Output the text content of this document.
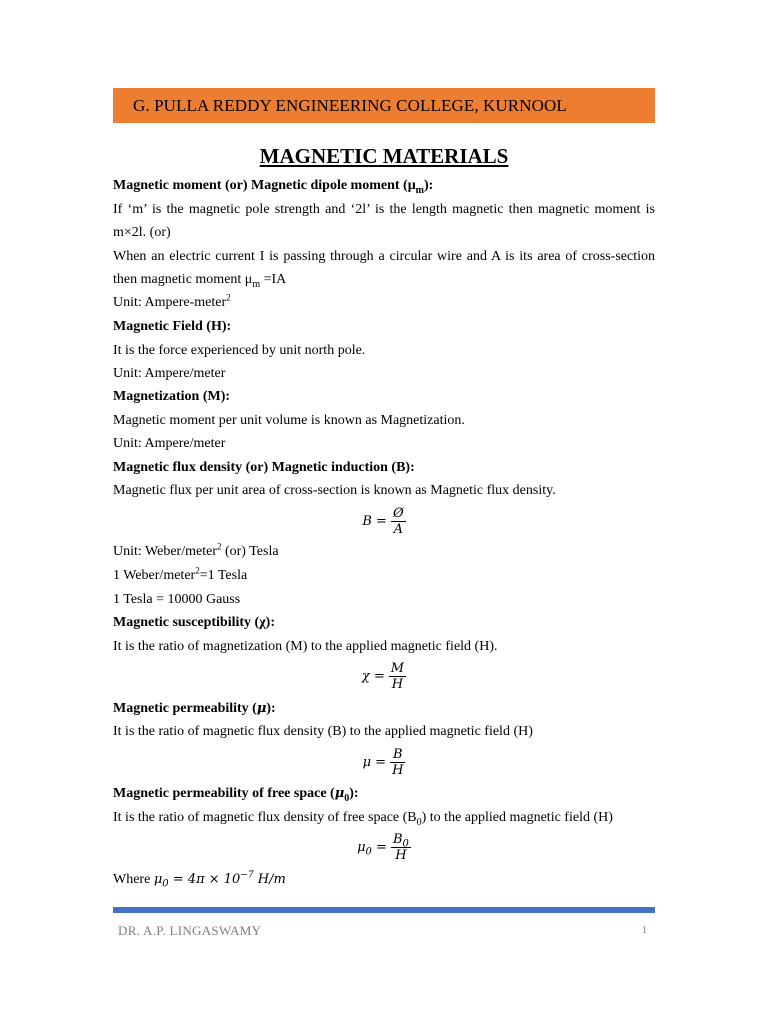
G. PULLA REDDY ENGINEERING COLLEGE, KURNOOL
MAGNETIC MATERIALS
Magnetic moment (or) Magnetic dipole moment $(\mu_m)$:
If ‘m’ is the magnetic pole strength and ‘2l’ is the length magnetic then magnetic moment is
m×2l. (or)
When an electric current I is passing through a circular wire and A is its area of cross-section
then magnetic moment $\mu_m =IA$
Unit: Ampere-meter$^2$
Magnetic Field (H):
It is the force experienced by unit north pole.
Unit: Ampere/meter
Magnetization (M):
Magnetic moment per unit volume is known as Magnetization.
Unit: Ampere/meter
Magnetic flux density (or) Magnetic induction (B):
Magnetic flux per unit area of cross-section is known as Magnetic flux density.
$B = \frac{Ø}{A}$
Unit: Weber/meter$^2$ (or) Tesla
1 Weber/meter$^2$=1 Tesla
1 Tesla = 10000 Gauss
Magnetic susceptibility (χ):
It is the ratio of magnetization (M) to the applied magnetic field (H).
$\chi = \frac{M}{H}$
Magnetic permeability (μ):
It is the ratio of magnetic flux density (B) to the applied magnetic field (H)
$\mu = \frac{B}{H}$
Magnetic permeability of free space $(\mu_0)$:
It is the ratio of magnetic flux density of free space $(B_0)$ to the applied magnetic field (H)
$\mu_0 = \frac{B_0}{H}$
Where $\mu_0 = 4\pi \times 10^{-7}$ H/m
DR. A.P. LINGASWAMY	1
